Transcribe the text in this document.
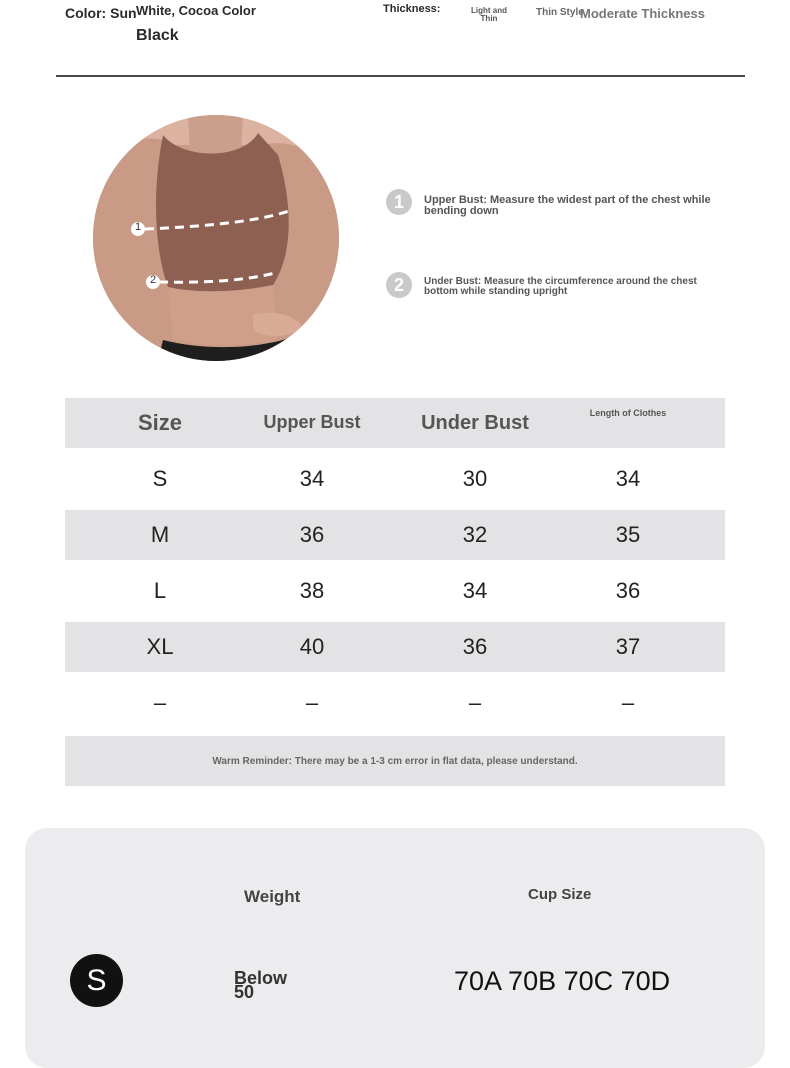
Color: Sun White, Cocoa Color
Black
Thickness:	Light and Thin
Thin Style
Moderate Thickness
1
2
1	Upper Bust: Measure the widest part of the chest while bending down
2	Under Bust: Measure the circumference around the chest bottom while standing upright
Size	Upper Bust	Under Bust	Length of Clothes
S	34	30	34
M	36	32	35
L	38	34	36
XL	40	36	37
–	–	–	–
Warm Reminder: There may be a 1-3 cm error in flat data, please understand.
Weight	Cup Size
S	Below 50	70A 70B 70C 70D
